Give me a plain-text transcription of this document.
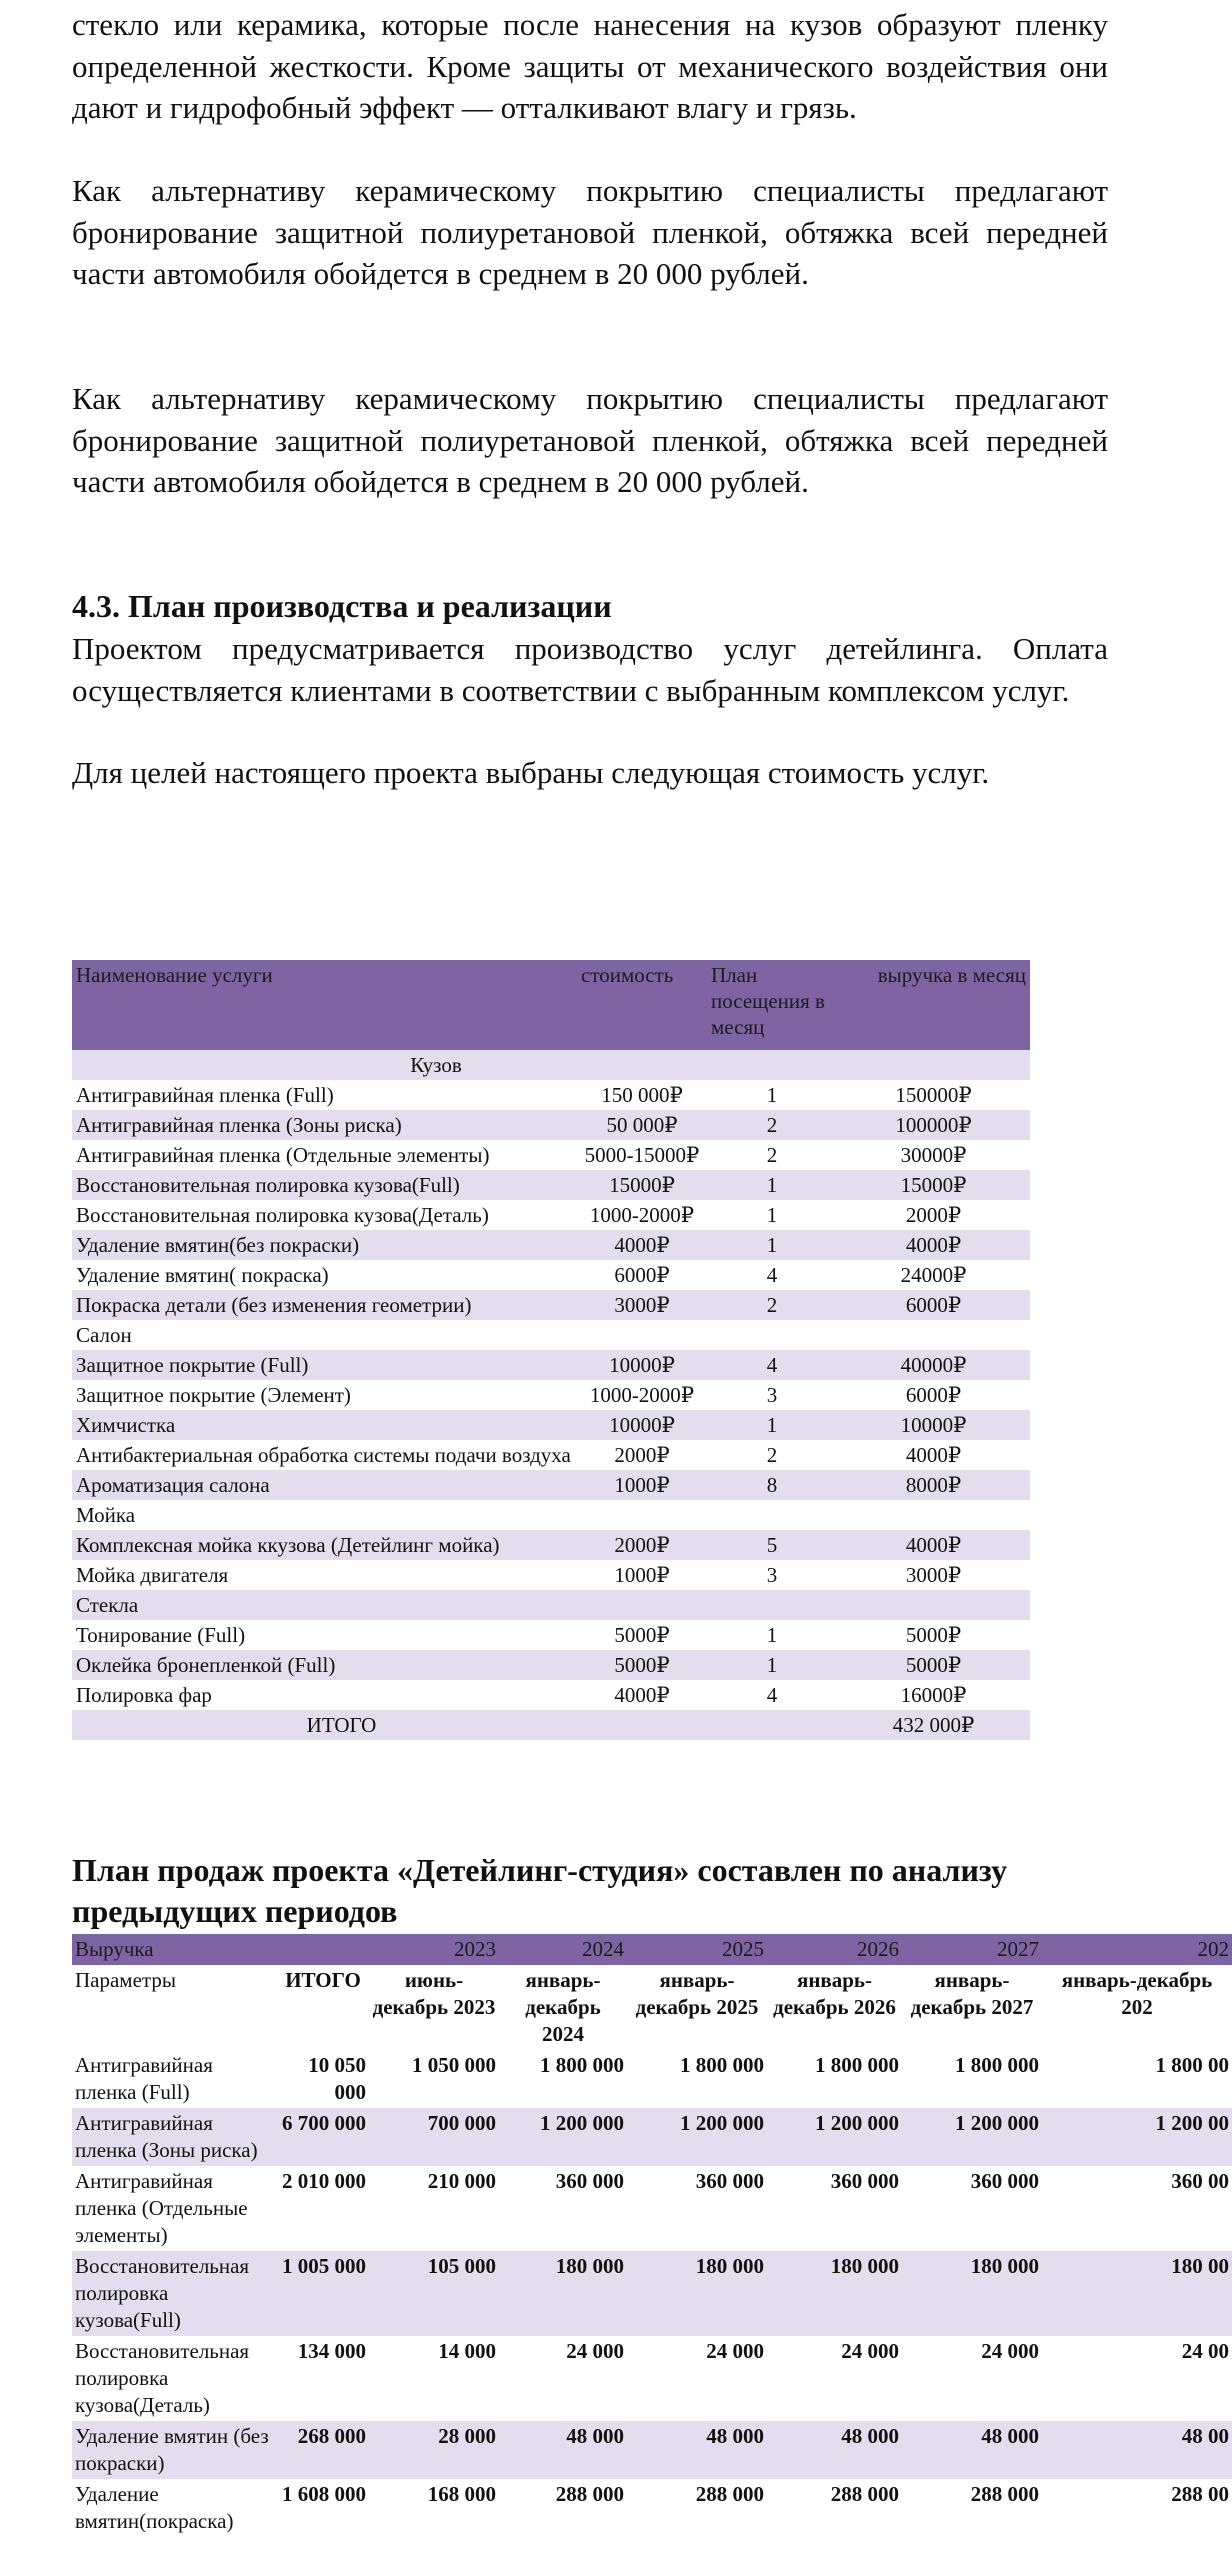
стекло или керамика, которые после нанесения на кузов образуют пленку определенной жесткости. Кроме защиты от механического воздействия они дают и гидрофобный эффект — отталкивают влагу и грязь.

Как альтернативу керамическому покрытию специалисты предлагают бронирование защитной полиуретановой пленкой, обтяжка всей передней части автомобиля обойдется в среднем в 20 000 рублей.

Как альтернативу керамическому покрытию специалисты предлагают бронирование защитной полиуретановой пленкой, обтяжка всей передней части автомобиля обойдется в среднем в 20 000 рублей.

4.3. План производства и реализации

Проектом предусматривается производство услуг детейлинга. Оплата осуществляется клиентами в соответствии с выбранным комплексом услуг.

Для целей настоящего проекта выбраны следующая стоимость услуг.

Наименование услуги	стоимость	План посещения в месяц	выручка в месяц
Кузов			
Антигравийная пленка (Full)	150 000₽	1	150000₽
Антигравийная пленка (Зоны риска)	50 000₽	2	100000₽
Антигравийная пленка (Отдельные элементы)	5000-15000₽	2	30000₽
Восстановительная полировка кузова(Full)	15000₽	1	15000₽
Восстановительная полировка кузова(Деталь)	1000-2000₽	1	2000₽
Удаление вмятин(без покраски)	4000₽	1	4000₽
Удаление вмятин( покраска)	6000₽	4	24000₽
Покраска детали (без изменения геометрии)	3000₽	2	6000₽
Салон			
Защитное покрытие (Full)	10000₽	4	40000₽
Защитное покрытие (Элемент)	1000-2000₽	3	6000₽
Химчистка	10000₽	1	10000₽
Антибактериальная обработка системы подачи воздуха	2000₽	2	4000₽
Ароматизация салона	1000₽	8	8000₽
Мойка			
Комплексная мойка ккузова (Детейлинг мойка)	2000₽	5	4000₽
Мойка двигателя	1000₽	3	3000₽
Стекла			
Тонирование (Full)	5000₽	1	5000₽
Оклейка бронепленкой (Full)	5000₽	1	5000₽
Полировка фар	4000₽	4	16000₽
ИТОГО			432 000₽
План продаж проекта «Детейлинг-студия» составлен по анализу предыдущих периодов
Выручка		2023	2024	2025	2026	2027	202
Параметры	ИТОГО	июнь-декабрь 2023	январь-декабрь 2024	январь-декабрь 2025	январь-декабрь 2026	январь-декабрь 2027	январь-декабрь 202
Антигравийная пленка (Full)	10 050 000	1 050 000	1 800 000	1 800 000	1 800 000	1 800 000	1 800 00
Антигравийная пленка (Зоны риска)	6 700 000	700 000	1 200 000	1 200 000	1 200 000	1 200 000	1 200 00
Антигравийная пленка (Отдельные элементы)	2 010 000	210 000	360 000	360 000	360 000	360 000	360 00
Восстановительная полировка кузова(Full)	1 005 000	105 000	180 000	180 000	180 000	180 000	180 00
Восстановительная полировка кузова(Деталь)	134 000	14 000	24 000	24 000	24 000	24 000	24 00
Удаление вмятин (без покраски)	268 000	28 000	48 000	48 000	48 000	48 000	48 00
Удаление вмятин(покраска)	1 608 000	168 000	288 000	288 000	288 000	288 000	288 00
